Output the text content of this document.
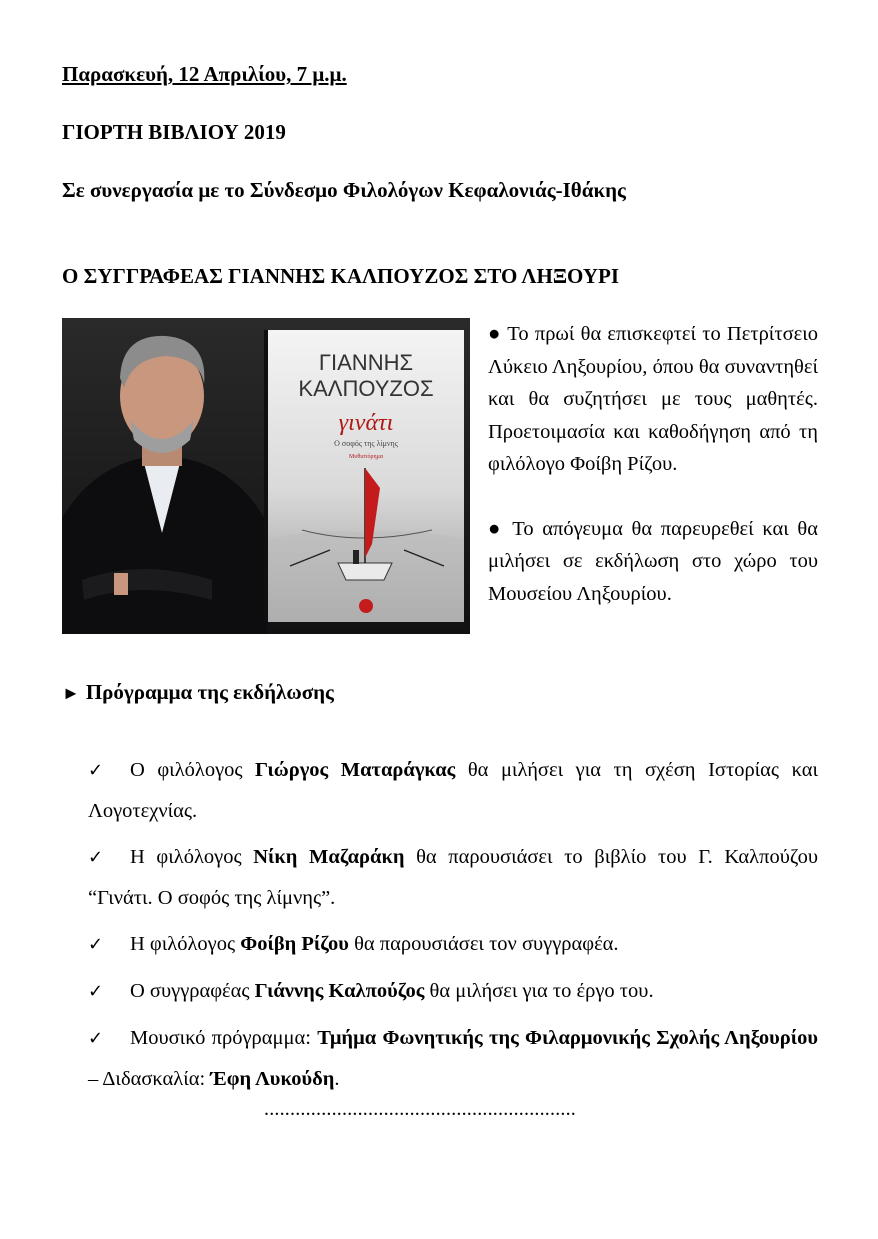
Παρασκευή, 12 Απριλίου, 7 μ.μ.
ΓΙΟΡΤΗ ΒΙΒΛΙΟΥ 2019
Σε συνεργασία με το Σύνδεσμο Φιλολόγων Κεφαλονιάς-Ιθάκης
Ο ΣΥΓΓΡΑΦΕΑΣ ΓΙΑΝΝΗΣ ΚΑΛΠΟΥΖΟΣ ΣΤΟ ΛΗΞΟΥΡΙ
ΓΙΑΝΝΗΣ
ΚΑΛΠΟΥΖΟΣ
γινάτι
Ο σοφός της λίμνης
Μυθιστόρημα

● Το πρωί θα επισκεφτεί το Πετρίτσειο Λύκειο Ληξουρίου, όπου θα συναντηθεί και θα συζητήσει με τους μαθητές. Προετοιμασία και καθοδήγηση από τη φιλόλογο Φοίβη Ρίζου.

● Το απόγευμα θα παρευρεθεί και θα μιλήσει σε εκδήλωση στο χώρο του Μουσείου Ληξουρίου.

► Πρόγραμμα της εκδήλωσης

✓ Ο φιλόλογος Γιώργος Ματαράγκας θα μιλήσει για τη σχέση Ιστορίας και Λογοτεχνίας.

✓ Η φιλόλογος Νίκη Μαζαράκη θα παρουσιάσει το βιβλίο του Γ. Καλπούζου “Γινάτι. Ο σοφός της λίμνης”.

✓ Η φιλόλογος Φοίβη Ρίζου θα παρουσιάσει τον συγγραφέα.

✓ Ο συγγραφέας Γιάννης Καλπούζος θα μιλήσει για το έργο του.

✓ Μουσικό πρόγραμμα: Τμήμα Φωνητικής της Φιλαρμονικής Σχολής Ληξουρίου – Διδασκαλία: Έφη Λυκούδη.

............................................................
